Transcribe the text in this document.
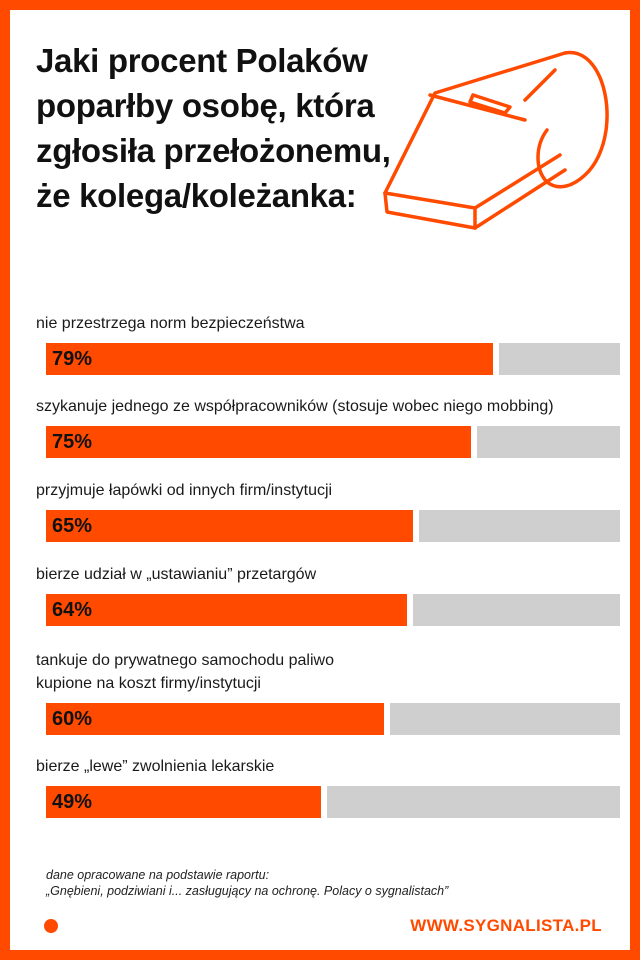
Jaki procent Polaków poparłby osobę, która zgłosiła przełożonemu, że kolega/koleżanka:
nie przestrzega norm bezpieczeństwa
79%
szykanuje jednego ze współpracowników (stosuje wobec niego mobbing)
75%
przyjmuje łapówki od innych firm/instytucji
65%
bierze udział w „ustawianiu” przetargów
64%
tankuje do prywatnego samochodu paliwo
kupione na koszt firmy/instytucji
60%
bierze „lewe” zwolnienia lekarskie
49%
dane opracowane na podstawie raportu:
„Gnębieni, podziwiani i... zasługujący na ochronę. Polacy o sygnalistach”
WWW.SYGNALISTA.PL
